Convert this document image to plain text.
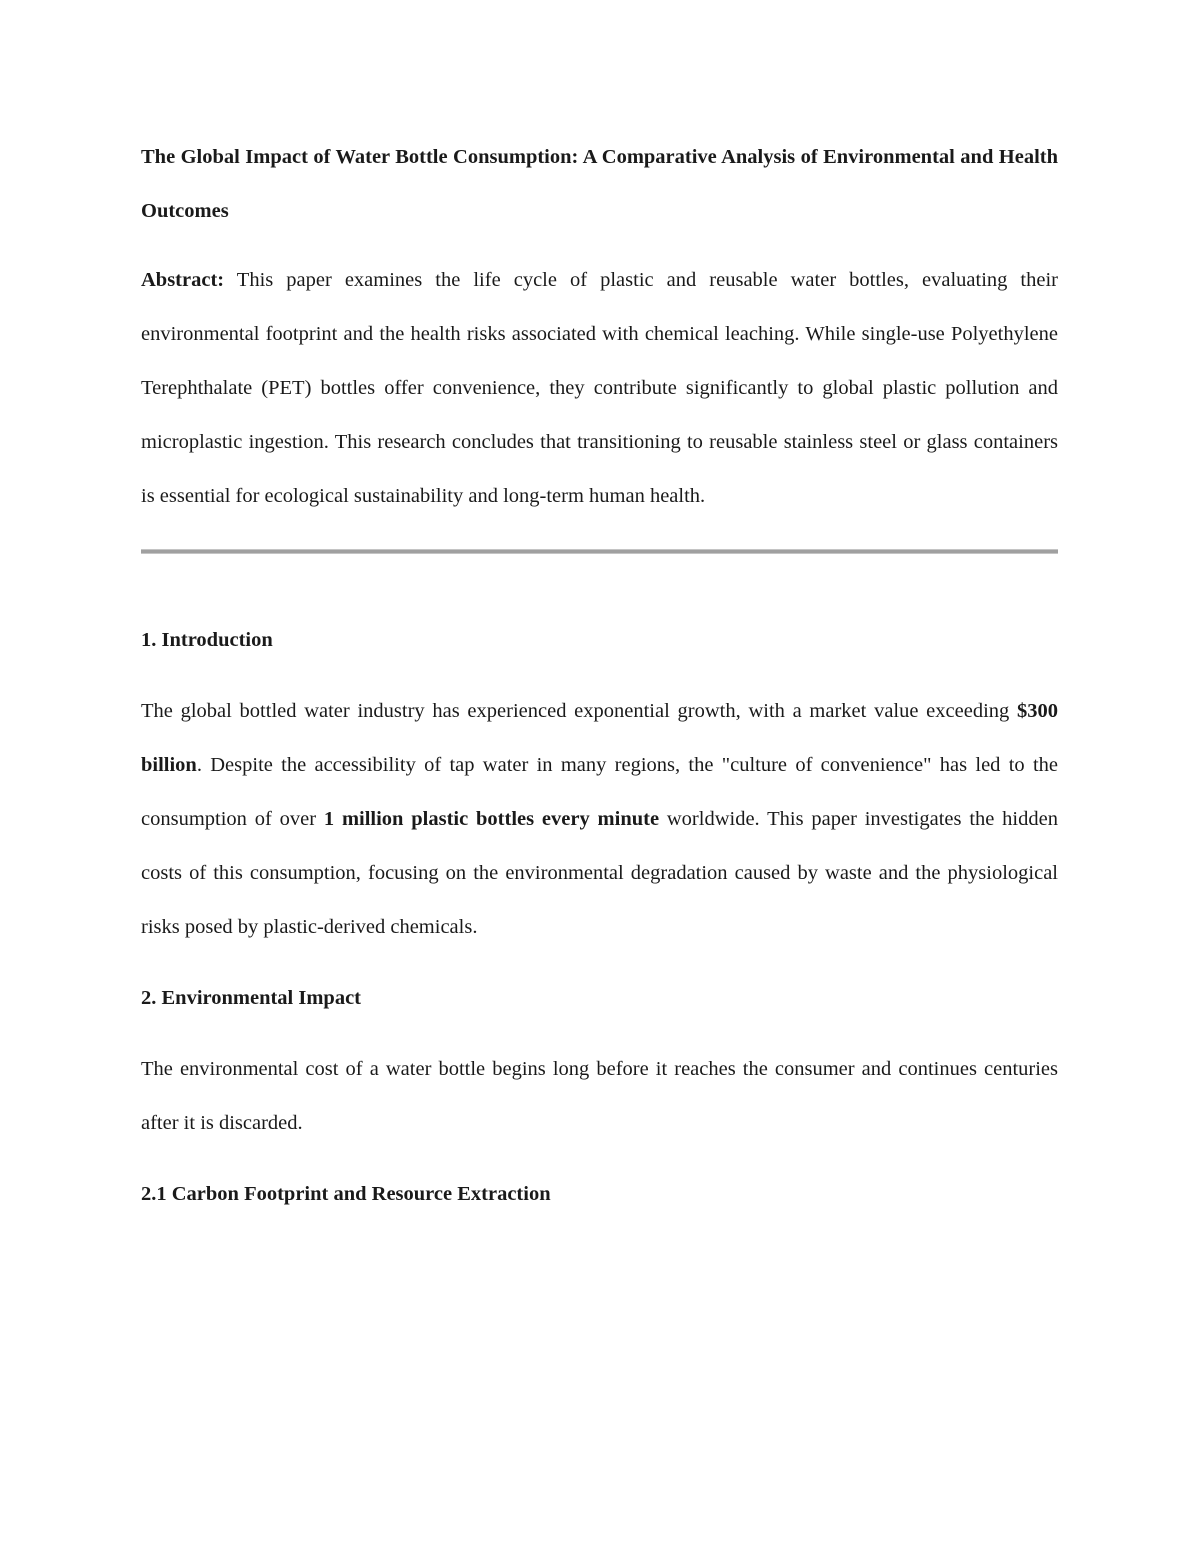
The Global Impact of Water Bottle Consumption: A Comparative Analysis of Environmental and Health Outcomes

Abstract: This paper examines the life cycle of plastic and reusable water bottles, evaluating their environmental footprint and the health risks associated with chemical leaching. While single-use Polyethylene Terephthalate (PET) bottles offer convenience, they contribute significantly to global plastic pollution and microplastic ingestion. This research concludes that transitioning to reusable stainless steel or glass containers is essential for ecological sustainability and long-term human health.

1. Introduction

The global bottled water industry has experienced exponential growth, with a market value exceeding $300 billion. Despite the accessibility of tap water in many regions, the "culture of convenience" has led to the consumption of over 1 million plastic bottles every minute worldwide. This paper investigates the hidden costs of this consumption, focusing on the environmental degradation caused by waste and the physiological risks posed by plastic-derived chemicals.

2. Environmental Impact

The environmental cost of a water bottle begins long before it reaches the consumer and continues centuries after it is discarded.

2.1 Carbon Footprint and Resource Extraction
